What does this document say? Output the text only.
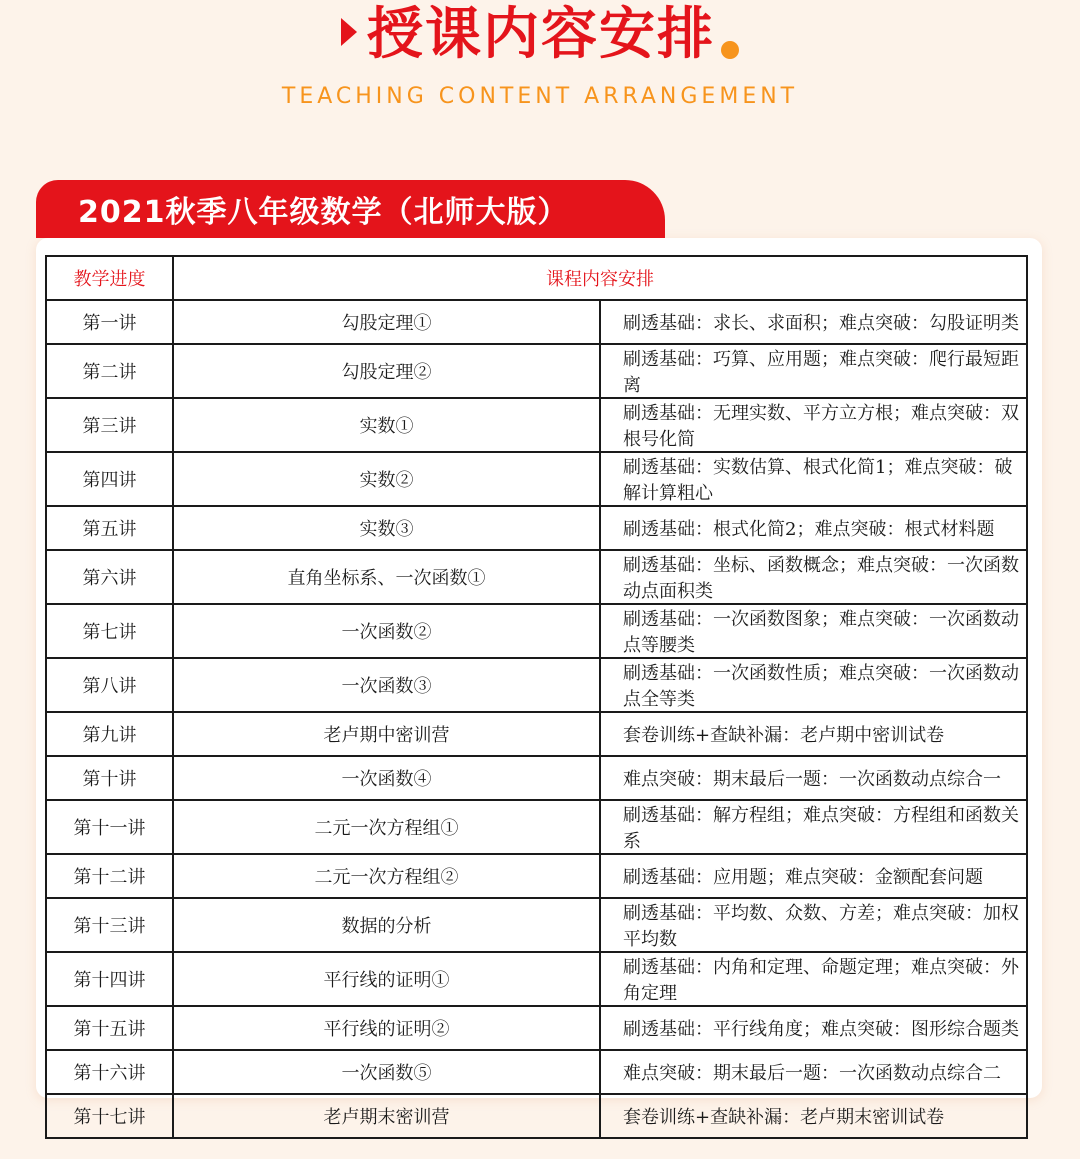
授课内容安排
TEACHING CONTENT ARRANGEMENT
2021秋季八年级数学（北师大版）
教学进度	课程内容安排	
第一讲	勾股定理①	刷透基础：求长、求面积；难点突破：勾股证明类
第二讲	勾股定理②	刷透基础：巧算、应用题；难点突破：爬行最短距离
第三讲	实数①	刷透基础：无理实数、平方立方根；难点突破：双根号化简
第四讲	实数②	刷透基础：实数估算、根式化简1；难点突破：破解计算粗心
第五讲	实数③	刷透基础：根式化简2；难点突破：根式材料题
第六讲	直角坐标系、一次函数①	刷透基础：坐标、函数概念；难点突破：一次函数动点面积类
第七讲	一次函数②	刷透基础：一次函数图象；难点突破：一次函数动点等腰类
第八讲	一次函数③	刷透基础：一次函数性质；难点突破：一次函数动点全等类
第九讲	老卢期中密训营	套卷训练+查缺补漏：老卢期中密训试卷
第十讲	一次函数④	难点突破：期末最后一题：一次函数动点综合一
第十一讲	二元一次方程组①	刷透基础：解方程组；难点突破：方程组和函数关系
第十二讲	二元一次方程组②	刷透基础：应用题；难点突破：金额配套问题
第十三讲	数据的分析	刷透基础：平均数、众数、方差；难点突破：加权平均数
第十四讲	平行线的证明①	刷透基础：内角和定理、命题定理；难点突破：外角定理
第十五讲	平行线的证明②	刷透基础：平行线角度；难点突破：图形综合题类
第十六讲	一次函数⑤	难点突破：期末最后一题：一次函数动点综合二
第十七讲	老卢期末密训营	套卷训练+查缺补漏：老卢期末密训试卷
